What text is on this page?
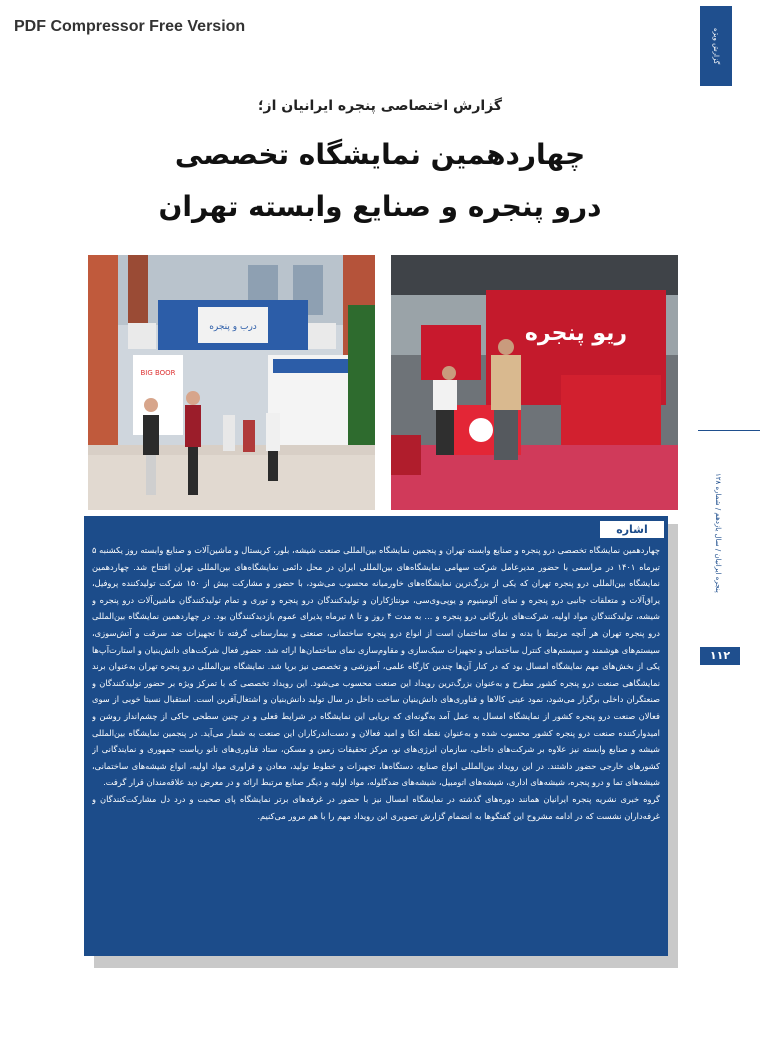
PDF Compressor Free Version
گزارش ویژه
پنجره ایرانیان / سال یازدهم / شماره ۱۲۸
۱۱۲
گزارش اختصاصی پنجره ایرانیان از؛
چهاردهمین نمایشگاه تخصصی
درو پنجره و صنایع وابسته تهران
درب و پنجره
BIG BOOR
ریو پنجره
اشاره

چهاردهمین نمایشگاه تخصصی درو پنجره و صنایع وابسته تهران و پنجمین نمایشگاه بین‌المللی صنعت شیشه، بلور، کریستال و ماشین‌آلات و صنایع وابسته روز یکشنبه ۵ تیرماه ۱۴۰۱ در مراسمی با حضور مدیرعامل شرکت سهامی نمایشگاه‌های بین‌المللی ایران در محل دائمی نمایشگاه‌های بین‌المللی تهران افتتاح شد. چهاردهمین نمایشگاه بین‌المللی درو پنجره تهران که یکی از بزرگ‌ترین نمایشگاه‌های خاورمیانه محسوب می‌شود، با حضور و مشارکت بیش از ۱۵۰ شرکت تولیدکننده پروفیل، یراق‌آلات و متعلقات جانبی درو پنجره و نمای آلومینیوم و یو‌پی‌وی‌سی، مونتاژکاران و تولیدکنندگان درو پنجره و توری و تمام تولیدکنندگان ماشین‌آلات درو پنجره و شیشه، تولیدکنندگان مواد اولیه، شرکت‌های بازرگانی درو پنجره و ... به مدت ۴ روز و تا ۸ تیرماه پذیرای عموم بازدیدکنندگان بود. در چهاردهمین نمایشگاه بین‌المللی درو پنجره تهران هر آنچه مرتبط با بدنه و نمای ساختمان است از انواع درو پنجره ساختمانی، صنعتی و بیمارستانی گرفته تا تجهیزات ضد سرقت و آتش‌سوزی، سیستم‌های هوشمند و سیستم‌های کنترل ساختمانی و تجهیزات سبک‌سازی و مقاوم‌سازی نمای ساختمان‌ها ارائه شد. حضور فعال شرکت‌های دانش‌بنیان و استارت‌آپ‌ها یکی از بخش‌های مهم نمایشگاه امسال بود که در کنار آن‌ها چندین کارگاه علمی، آموزشی و تخصصی نیز برپا شد. نمایشگاه بین‌المللی درو پنجره تهران به‌عنوان برند نمایشگاهی صنعت درو پنجره کشور مطرح و به‌عنوان بزرگ‌ترین رویداد این صنعت محسوب می‌شود. این رویداد تخصصی که با تمرکز ویژه بر حضور تولیدکنندگان و صنعتگران داخلی برگزار می‌شود، نمود عینی کالاها و فناوری‌های دانش‌بنیان ساخت داخل در سال تولید دانش‌بنیان و اشتغال‌آفرین است. استقبال نسبتا خوبی از سوی فعالان صنعت درو پنجره کشور از نمایشگاه امسال به عمل آمد به‌گونه‌ای که برپایی این نمایشگاه در شرایط فعلی و در چنین سطحی حاکی از چشم‌انداز روشن و امیدوارکننده صنعت درو پنجره کشور محسوب شده و به‌عنوان نقطه اتکا و امید فعالان و دست‌اندرکاران این صنعت به شمار می‌آید. در پنجمین نمایشگاه بین‌المللی شیشه و صنایع وابسته نیز علاوه بر شرکت‌های داخلی، سازمان انرژی‌های نو، مرکز تحقیقات زمین و مسکن، ستاد فناوری‌های نانو ریاست جمهوری و نمایندگانی از کشورهای خارجی حضور داشتند. در این رویداد بین‌المللی انواع صنایع، دستگاه‌ها، تجهیزات و خطوط تولید، معادن و فراوری مواد اولیه، انواع شیشه‌های ساختمانی، شیشه‌های تما و درو پنجره، شیشه‌های اداری، شیشه‌های اتومبیل، شیشه‌های ضدگلوله، مواد اولیه و دیگر صنایع مرتبط ارائه و در معرض دید علاقه‌مندان قرار گرفت.

گروه خبری نشریه پنجره ایرانیان همانند دوره‌های گذشته در نمایشگاه امسال نیز با حضور در غرفه‌های برتر نمایشگاه پای صحبت و درد دل مشارکت‌کنندگان و غرفه‌داران نشست که در ادامه مشروح این گفتگوها به انضمام گزارش تصویری این رویداد مهم را با هم مرور می‌کنیم.
